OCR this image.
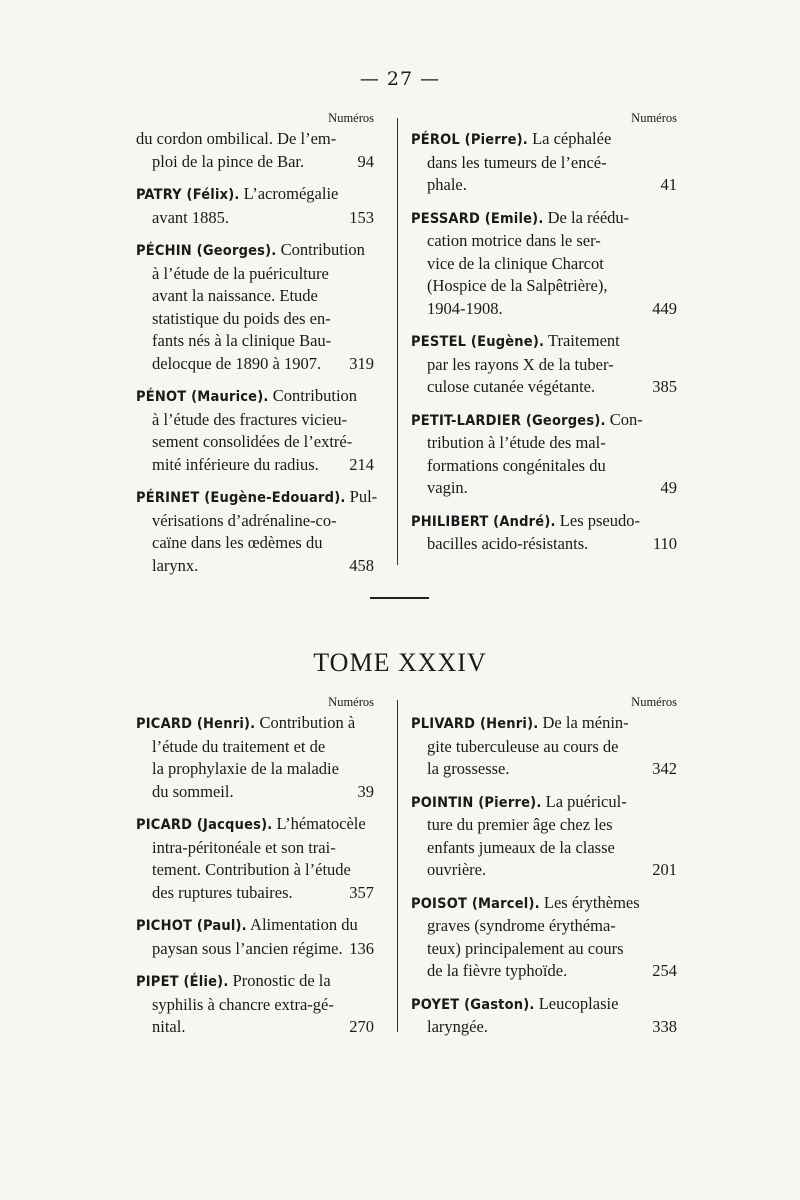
— 27 —
Numéros
du cordon ombilical. De l’em-
94
ploi de la pince de Bar.
PATRY (Félix). L’acromégalie
153
avant 1885.
PÉCHIN (Georges). Contribution
à l’étude de la puériculture
avant la naissance. Etude
statistique du poids des en-
fants nés à la clinique Bau-
319
delocque de 1890 à 1907.
PÉNOT (Maurice). Contribution
à l’étude des fractures vicieu-
sement consolidées de l’extré-
214
mité inférieure du radius.
PÉRINET (Eugène-Edouard). Pul-
vérisations d’adrénaline-co-
caïne dans les œdèmes du
458
larynx.
Numéros
PÉROL (Pierre). La céphalée
dans les tumeurs de l’encé-
41
phale.
PESSARD (Emile). De la réédu-
cation motrice dans le ser-
vice de la clinique Charcot
(Hospice de la Salpêtrière),
449
1904-1908.
PESTEL (Eugène). Traitement
par les rayons X de la tuber-
385
culose cutanée végétante.
PETIT-LARDIER (Georges). Con-
tribution à l’étude des mal-
formations congénitales du
49
vagin.
PHILIBERT (André). Les pseudo-
110
bacilles acido-résistants.
TOME XXXIV
Numéros
PICARD (Henri). Contribution à
l’étude du traitement et de
la prophylaxie de la maladie
39
du sommeil.
PICARD (Jacques). L’hématocèle
intra-péritonéale et son trai-
tement. Contribution à l’étude
357
des ruptures tubaires.
PICHOT (Paul). Alimentation du
136
paysan sous l’ancien régime.
PIPET (Élie). Pronostic de la
syphilis à chancre extra-gé-
270
nital.
Numéros
PLIVARD (Henri). De la ménin-
gite tuberculeuse au cours de
342
la grossesse.
POINTIN (Pierre). La puéricul-
ture du premier âge chez les
enfants jumeaux de la classe
201
ouvrière.
POISOT (Marcel). Les érythèmes
graves (syndrome érythéma-
teux) principalement au cours
254
de la fièvre typhoïde.
POYET (Gaston). Leucoplasie
338
laryngée.
